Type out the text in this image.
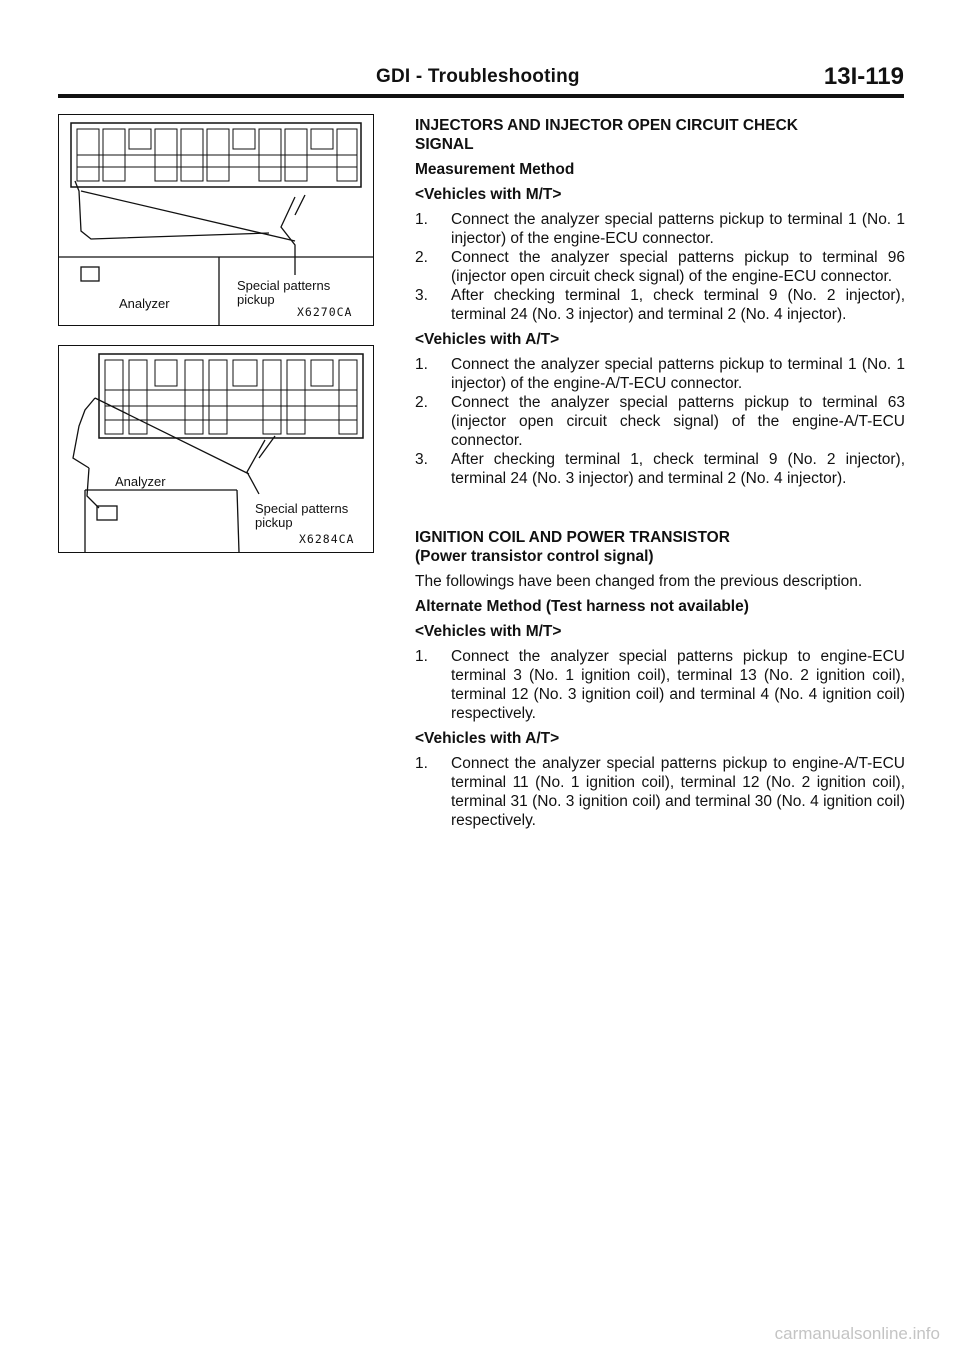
GDI - Troubleshooting	13I-119
Analyzer
Special patterns
pickup
X6270CA
Analyzer
Special patterns
pickup
X6284CA

INJECTORS AND INJECTOR OPEN CIRCUIT CHECK

SIGNAL

Measurement Method

<Vehicles with M/T>

1. Connect the analyzer special patterns pickup to terminal 1 (No. 1 injector) of the engine-ECU connector.

2. Connect the analyzer special patterns pickup to terminal 96 (injector open circuit check signal) of the engine-ECU connector.

3. After checking terminal 1, check terminal 9 (No. 2 injector), terminal 24 (No. 3 injector) and terminal 2 (No. 4 injector).

<Vehicles with A/T>

1. Connect the analyzer special patterns pickup to terminal 1 (No. 1 injector) of the engine-A/T-ECU connector.

2. Connect the analyzer special patterns pickup to terminal 63 (injector open circuit check signal) of the engine-A/T-ECU connector.

3. After checking terminal 1, check terminal 9 (No. 2 injector), terminal 24 (No. 3 injector) and terminal 2 (No. 4 injector).

IGNITION COIL AND POWER TRANSISTOR

(Power transistor control signal)

The followings have been changed from the previous description.

Alternate Method (Test harness not available)

<Vehicles with M/T>

1. Connect the analyzer special patterns pickup to engine-ECU terminal 3 (No. 1 ignition coil), terminal 13 (No. 2 ignition coil), terminal 12 (No. 3 ignition coil) and terminal 4 (No. 4 ignition coil) respectively.

<Vehicles with A/T>

1. Connect the analyzer special patterns pickup to engine-A/T-ECU terminal 11 (No. 1 ignition coil), terminal 12 (No. 2 ignition coil), terminal 31 (No. 3 ignition coil) and terminal 30 (No. 4 ignition coil) respectively.

carmanualsonline.info
